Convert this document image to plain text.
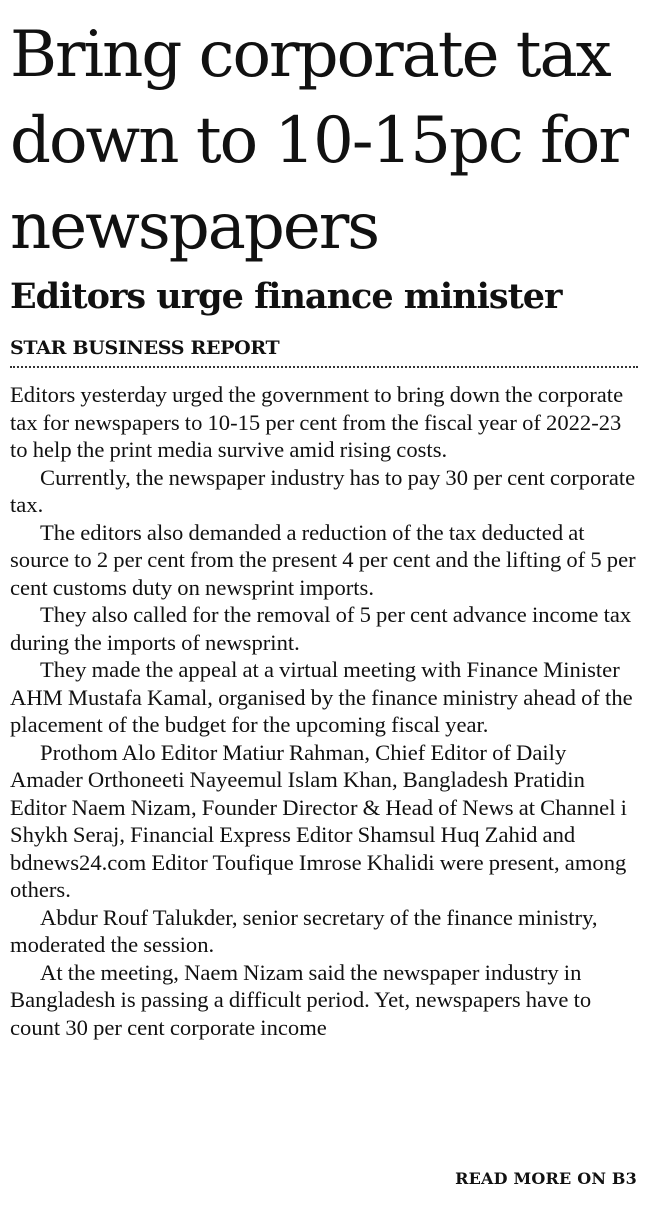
Bring corporate tax down to 10-15pc for newspapers
Editors urge finance minister
STAR BUSINESS REPORT

Editors yesterday urged the government to bring down the corporate tax for newspapers to 10-15 per cent from the fiscal year of 2022-23 to help the print media survive amid rising costs.

Currently, the newspaper industry has to pay 30 per cent corporate tax.

The editors also demanded a reduction of the tax deducted at source to 2 per cent from the present 4 per cent and the lifting of 5 per cent customs duty on newsprint imports.

They also called for the removal of 5 per cent advance income tax during the imports of newsprint.

They made the appeal at a virtual meeting with Finance Minister AHM Mustafa Kamal, organised by the finance ministry ahead of the placement of the budget for the upcoming fiscal year.

Prothom Alo Editor Matiur Rahman, Chief Editor of Daily Amader Orthoneeti Nayeemul Islam Khan, Bangladesh Pratidin Editor Naem Nizam, Founder Director & Head of News at Channel i Shykh Seraj, Financial Express Editor Shamsul Huq Zahid and bdnews24.com Editor Toufique Imrose Khalidi were present, among others.

Abdur Rouf Talukder, senior secretary of the finance ministry, moderated the session.

At the meeting, Naem Nizam said the newspaper industry in Bangladesh is passing a difficult period. Yet, newspapers have to count 30 per cent corporate income

READ MORE ON B3
